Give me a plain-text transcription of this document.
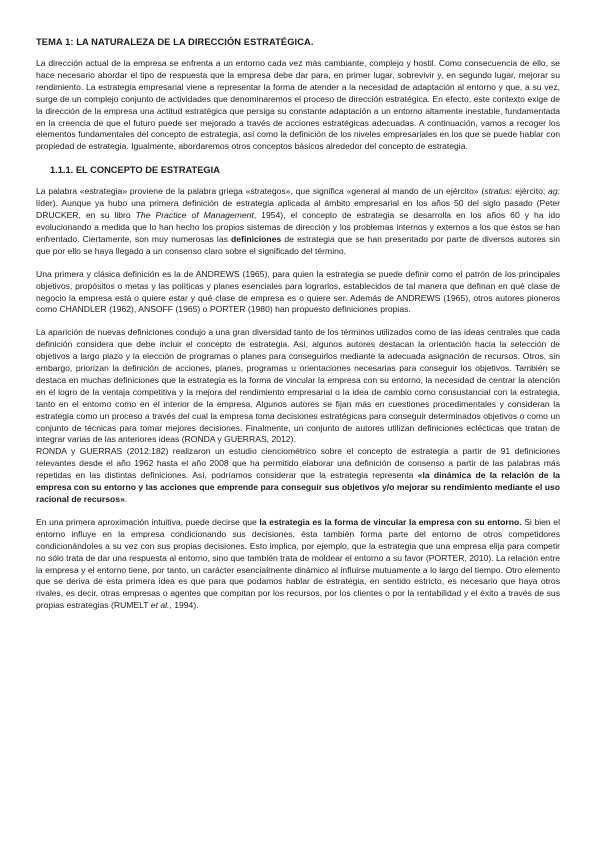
TEMA 1: LA NATURALEZA DE LA DIRECCIÓN ESTRATÉGICA.

La dirección actual de la empresa se enfrenta a un entorno cada vez más cambiante, complejo y hostil. Como consecuencia de ello, se hace necesario abordar el tipo de respuesta que la empresa debe dar para, en primer lugar, sobrevivir y, en segundo lugar, mejorar su rendimiento. La estrategia empresarial viene a representar la forma de atender a la necesidad de adaptación al entorno y que, a su vez, surge de un complejo conjunto de actividades que denominaremos el proceso de dirección estratégica. En efecto, este contexto exige de la dirección de la empresa una actitud estratégica que persiga su constante adaptación a un entorno altamente inestable, fundamentada en la creencia de que el futuro puede ser mejorado a través de acciones estratégicas adecuadas. A continuación, vamos a recoger los elementos fundamentales del concepto de estrategia, así como la definición de los niveles empresariales en los que se puede hablar con propiedad de estrategia. Igualmente, abordaremos otros conceptos básicos alrededor del concepto de estrategia.

1.1.1. EL CONCEPTO DE ESTRATEGIA

La palabra «estrategia» proviene de la palabra griega «strategos», que significa «general al mando de un ejército» (stratus: ejército; ag: líder). Aunque ya hubo una primera definición de estrategia aplicada al ámbito empresarial en los años 50 del siglo pasado (Peter DRUCKER, en su libro The Practice of Management, 1954), el concepto de estrategia se desarrolla en los años 60 y ha ido evolucionando a medida que lo han hecho los propios sistemas de dirección y los problemas internos y externos a los que éstos se han enfrentado. Ciertamente, son muy numerosas las definiciones de estrategia que se han presentado por parte de diversos autores sin que por ello se haya llegado a un consenso claro sobre el significado del término.

Una primera y clásica definición es la de ANDREWS (1965), para quien la estrategia se puede definir como el patrón de los principales objetivos, propósitos o metas y las políticas y planes esenciales para lograrlos, establecidos de tal manera que definan en qué clase de negocio la empresa está o quiere estar y qué clase de empresa es o quiere ser. Además de ANDREWS (1965), otros autores pioneros como CHANDLER (1962), ANSOFF (1965) o PORTER (1980) han propuesto definiciones propias.

La aparición de nuevas definiciones condujo a una gran diversidad tanto de los términos utilizados como de las ideas centrales que cada definición considera que debe incluir el concepto de estrategia. Así, algunos autores destacan la orientación hacia la selección de objetivos a largo plazo y la elección de programas o planes para conseguirlos mediante la adecuada asignación de recursos. Otros, sin embargo, priorizan la definición de acciones, planes, programas u orientaciones necesarias para conseguir los objetivos. También se destaca en muchas definiciones que la estrategia es la forma de vincular la empresa con su entorno, la necesidad de centrar la atención en el logro de la ventaja competitiva y la mejora del rendimiento empresarial o la idea de cambio como consustancial con la estrategia, tanto en el entorno como en el interior de la empresa. Algunos autores se fijan más en cuestiones procedimentales y consideran la estrategia como un proceso a través del cual la empresa toma decisiones estratégicas para conseguir determinados objetivos o como un conjunto de técnicas para tomar mejores decisiones. Finalmente, un conjunto de autores utilizan definiciones eclécticas que tratan de integrar varias de las anteriores ideas (RONDA y GUERRAS, 2012).

RONDA y GUERRAS (2012:182) realizaron un estudio cienciométrico sobre el concepto de estrategia a partir de 91 definiciones relevantes desde el año 1962 hasta el año 2008 que ha permitido elaborar una definición de consenso a partir de las palabras más repetidas en las distintas definiciones. Así, podríamos considerar que la estrategia representa «la dinámica de la relación de la empresa con su entorno y las acciones que emprende para conseguir sus objetivos y/o mejorar su rendimiento mediante el uso racional de recursos».

En una primera aproximación intuitiva, puede decirse que la estrategia es la forma de vincular la empresa con su entorno. Si bien el entorno influye en la empresa condicionando sus decisiones, ésta también forma parte del entorno de otros competidores condicionándoles a su vez con sus propias decisiones. Esto implica, por ejemplo, que la estrategia que una empresa elija para competir no sólo trata de dar una respuesta al entorno, sino que también trata de moldear el entorno a su favor (PORTER, 2010). La relación entre la empresa y el entorno tiene, por tanto, un carácter esencialmente dinámico al influirse mutuamente a lo largo del tiempo. Otro elemento que se deriva de esta primera idea es que para que podamos hablar de estrategia, en sentido estricto, es necesario que haya otros rivales, es decir, otras empresas o agentes que compitan por los recursos, por los clientes o por la rentabilidad y el éxito a través de sus propias estrategias (RUMELT et al., 1994).
